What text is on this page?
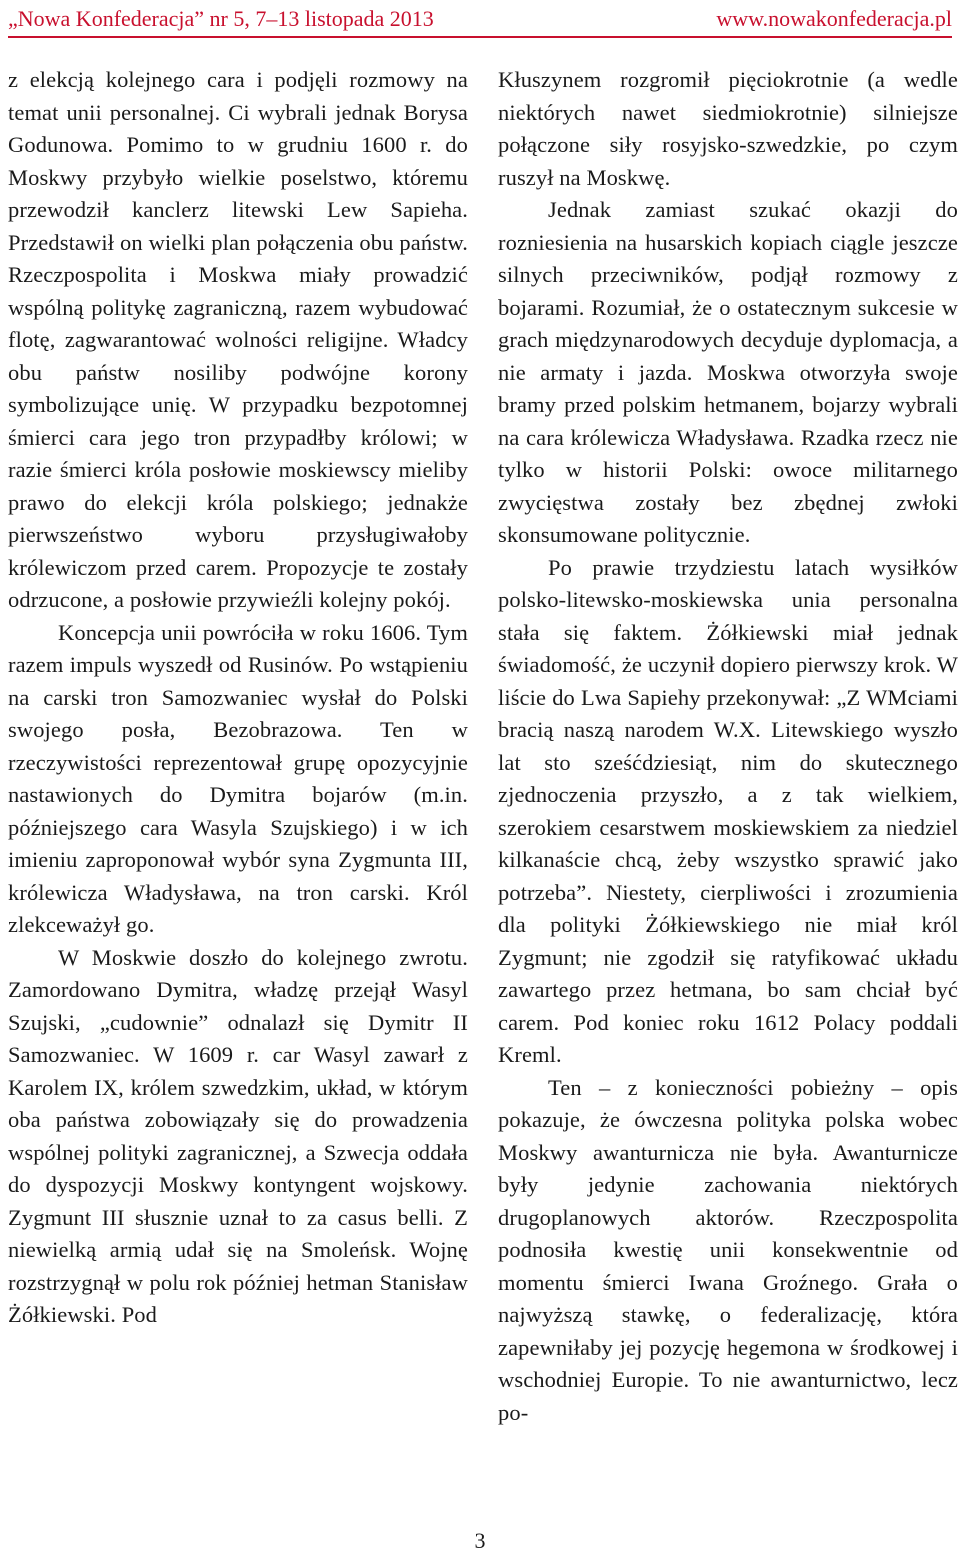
„Nowa Konfederacja” nr 5, 7–13 listopada 2013	www.nowakonfederacja.pl

z elekcją kolejnego cara i podjęli rozmowy na temat unii personalnej. Ci wybrali jednak Borysa Godunowa. Pomimo to w grudniu 1600 r. do Moskwy przybyło wielkie poselstwo, któremu przewodził kanclerz litewski Lew Sapieha. Przedstawił on wielki plan połączenia obu państw. Rzeczpospolita i Moskwa miały prowadzić wspólną politykę zagraniczną, razem wybudować flotę, zagwarantować wolności religijne. Władcy obu państw nosiliby podwójne korony symbolizujące unię. W przypadku bezpotomnej śmierci cara jego tron przypadłby królowi; w razie śmierci króla posłowie moskiewscy mieliby prawo do elekcji króla polskiego; jednakże pierwszeństwo wyboru przysługiwałoby królewiczom przed carem. Propozycje te zostały odrzucone, a posłowie przywieźli kolejny pokój.

Koncepcja unii powróciła w roku 1606. Tym razem impuls wyszedł od Rusinów. Po wstąpieniu na carski tron Samozwaniec wysłał do Polski swojego posła, Bezobrazowa. Ten w rzeczywistości reprezentował grupę opozycyjnie nastawionych do Dymitra bojarów (m.in. późniejszego cara Wasyla Szujskiego) i w ich imieniu zaproponował wybór syna Zygmunta III, królewicza Władysława, na tron carski. Król zlekceważył go.

W Moskwie doszło do kolejnego zwrotu. Zamordowano Dymitra, władzę przejął Wasyl Szujski, „cudownie” odnalazł się Dymitr II Samozwaniec. W 1609 r. car Wasyl zawarł z Karolem IX, królem szwedzkim, układ, w którym oba państwa zobowiązały się do prowadzenia wspólnej polityki zagranicznej, a Szwecja oddała do dyspozycji Moskwy kontyngent wojskowy. Zygmunt III słusznie uznał to za casus belli. Z niewielką armią udał się na Smoleńsk. Wojnę rozstrzygnął w polu rok później hetman Stanisław Żółkiewski. Pod

Kłuszynem rozgromił pięciokrotnie (a wedle niektórych nawet siedmiokrotnie) silniejsze połączone siły rosyjsko-szwedzkie, po czym ruszył na Moskwę.

Jednak zamiast szukać okazji do rozniesienia na husarskich kopiach ciągle jeszcze silnych przeciwników, podjął rozmowy z bojarami. Rozumiał, że o ostatecznym sukcesie w grach międzynarodowych decyduje dyplomacja, a nie armaty i jazda. Moskwa otworzyła swoje bramy przed polskim hetmanem, bojarzy wybrali na cara królewicza Władysława. Rzadka rzecz nie tylko w historii Polski: owoce militarnego zwycięstwa zostały bez zbędnej zwłoki skonsumowane politycznie.

Po prawie trzydziestu latach wysiłków polsko-litewsko-moskiewska unia personalna stała się faktem. Żółkiewski miał jednak świadomość, że uczynił dopiero pierwszy krok. W liście do Lwa Sapiehy przekonywał: „Z WMciami bracią naszą narodem W.X. Litewskiego wyszło lat sto sześćdziesiąt, nim do skutecznego zjednoczenia przyszło, a z tak wielkiem, szerokiem cesarstwem moskiewskiem za niedziel kilkanaście chcą, żeby wszystko sprawić jako potrzeba”. Niestety, cierpliwości i zrozumienia dla polityki Żółkiewskiego nie miał król Zygmunt; nie zgodził się ratyfikować układu zawartego przez hetmana, bo sam chciał być carem. Pod koniec roku 1612 Polacy poddali Kreml.

Ten – z konieczności pobieżny – opis pokazuje, że ówczesna polityka polska wobec Moskwy awanturnicza nie była. Awanturnicze były jedynie zachowania niektórych drugoplanowych aktorów. Rzeczpospolita podnosiła kwestię unii konsekwentnie od momentu śmierci Iwana Groźnego. Grała o najwyższą stawkę, o federalizację, która zapewniłaby jej pozycję hegemona w środkowej i wschodniej Europie. To nie awanturnictwo, lecz po-

3
